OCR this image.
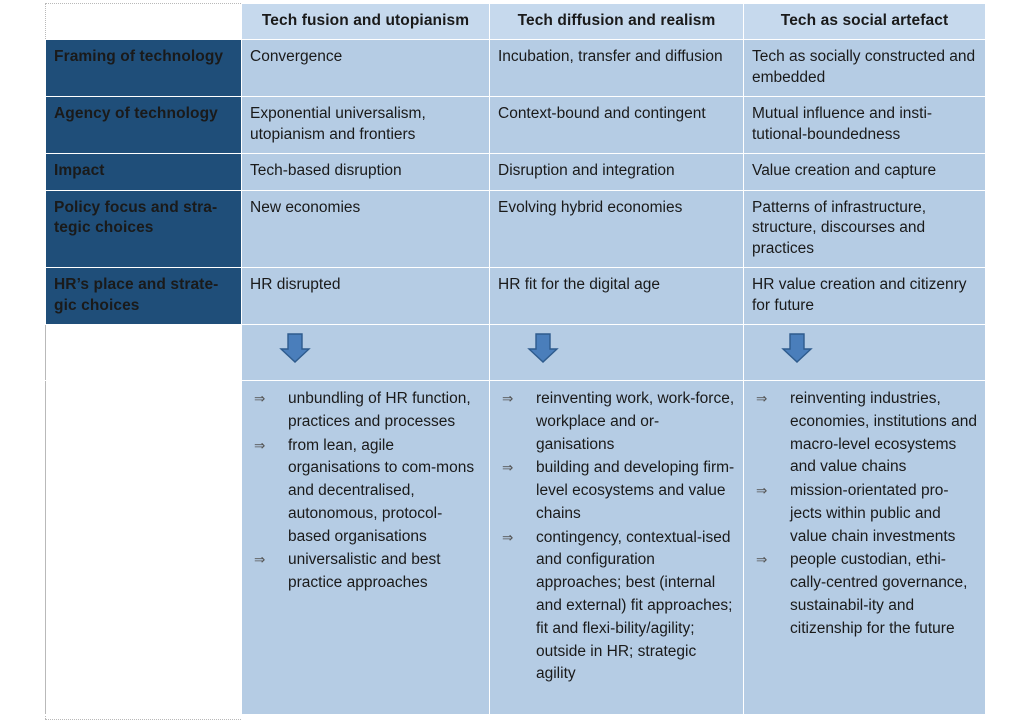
	Tech fusion and utopianism	Tech diffusion and realism	Tech as social artefact
Framing of technology	Convergence	Incubation, transfer and diffusion	Tech as socially constructed and embedded
Agency of technology	Exponential universalism, utopianism and frontiers	Context-bound and contingent	Mutual influence and insti-tutional-boundedness
Impact	Tech-based disruption	Disruption and integration	Value creation and capture
Policy focus and stra-tegic choices	New economies	Evolving hybrid economies	Patterns of infrastructure, structure, discourses and practices
HR’s place and strate-gic choices	HR disrupted	HR fit for the digital age	HR value creation and citizenry for future

⇒ unbundling of HR function, practices and processes
⇒ from lean, agile organisations to com-mons and decentralised, autonomous, protocol-based organisations
⇒ universalistic and best practice approaches

⇒ reinventing work, work-force, workplace and or-ganisations
⇒ building and developing firm-level ecosystems and value chains
⇒ contingency, contextual-ised and configuration approaches; best (internal and external) fit approaches; fit and flexi-bility/agility; outside in HR; strategic agility

⇒ reinventing industries, economies, institutions and macro-level ecosystems and value chains
⇒ mission-orientated pro-jects within public and value chain investments
⇒ people custodian, ethi-cally-centred governance, sustainabil-ity and citizenship for the future
